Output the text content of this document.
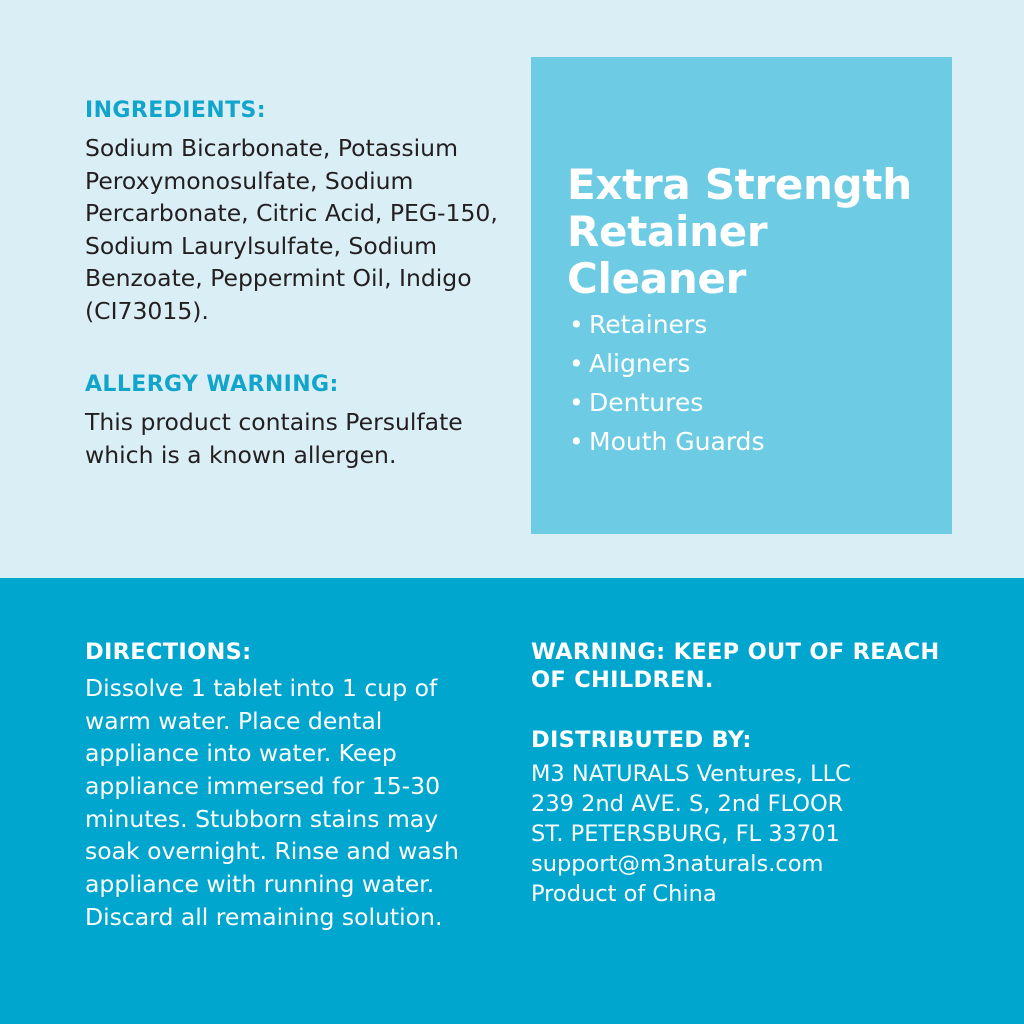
INGREDIENTS:

Sodium Bicarbonate, Potassium Peroxymonosulfate, Sodium Percarbonate, Citric Acid, PEG-150, Sodium Laurylsulfate, Sodium Benzoate, Peppermint Oil, Indigo (CI73015).

ALLERGY WARNING:

This product contains Persulfate which is a known allergen.

Extra Strength Retainer Cleaner
• Retainers
• Aligners
• Dentures
• Mouth Guards

DIRECTIONS:

Dissolve 1 tablet into 1 cup of warm water. Place dental appliance into water. Keep appliance immersed for 15-30 minutes. Stubborn stains may soak overnight. Rinse and wash appliance with running water. Discard all remaining solution.

WARNING: KEEP OUT OF REACH OF CHILDREN.

DISTRIBUTED BY:

M3 NATURALS Ventures, LLC

239 2nd AVE. S, 2nd FLOOR

ST. PETERSBURG, FL 33701

support@m3naturals.com

Product of China
